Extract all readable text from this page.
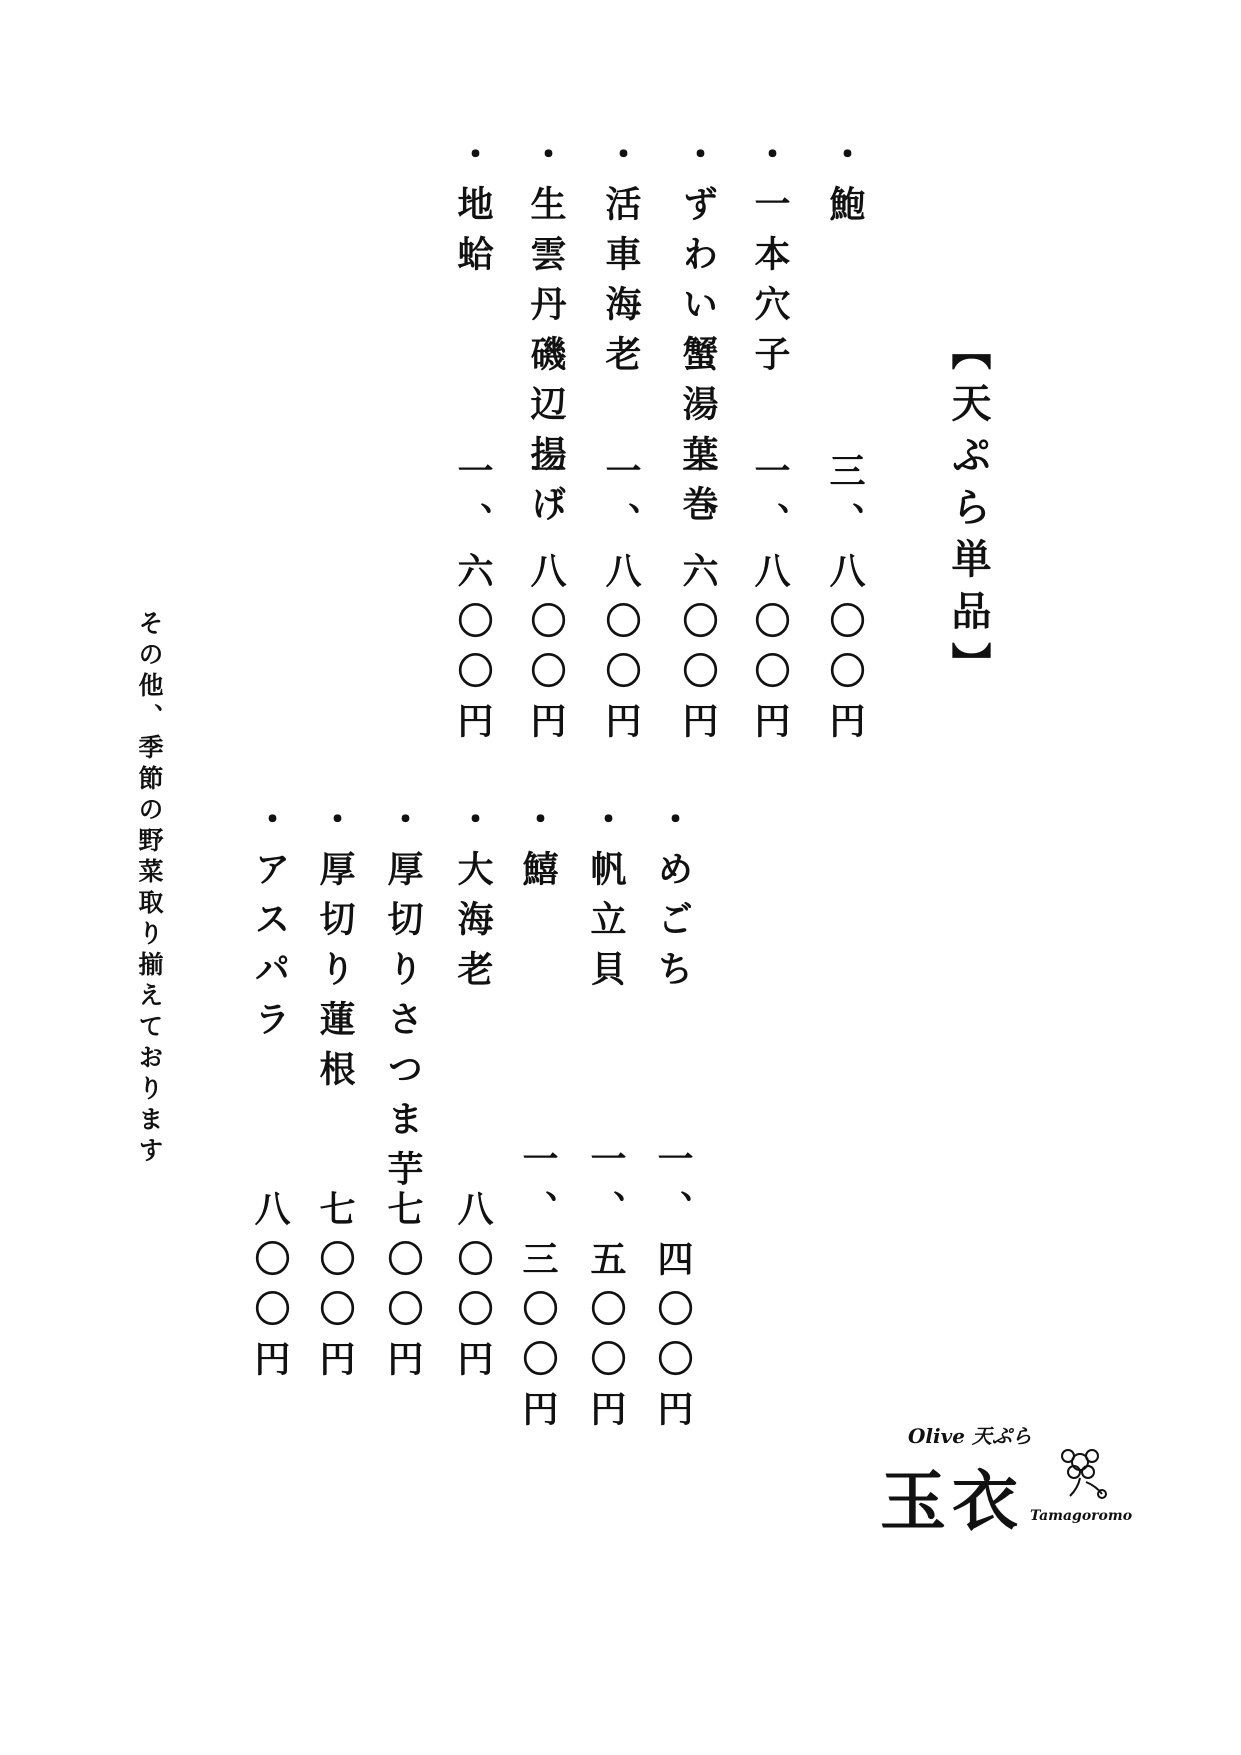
【天ぷら単品】
・鮑
・一本穴子
・ずわい蟹湯葉巻
・活車海老
・生雲丹磯辺揚げ
・地蛤
三、八〇〇円
一、八〇〇円
一、六〇〇円
一、八〇〇円
一、八〇〇円
一、六〇〇円
・めごち
・帆立貝
・鱚
・大海老
・厚切りさつま芋
・厚切り蓮根
・アスパラ
一、四〇〇円
一、五〇〇円
一、三〇〇円
八〇〇円
七〇〇円
七〇〇円
八〇〇円
その他、季節の野菜取り揃えております
Olive 天ぷら
玉衣 Tamagoromo
